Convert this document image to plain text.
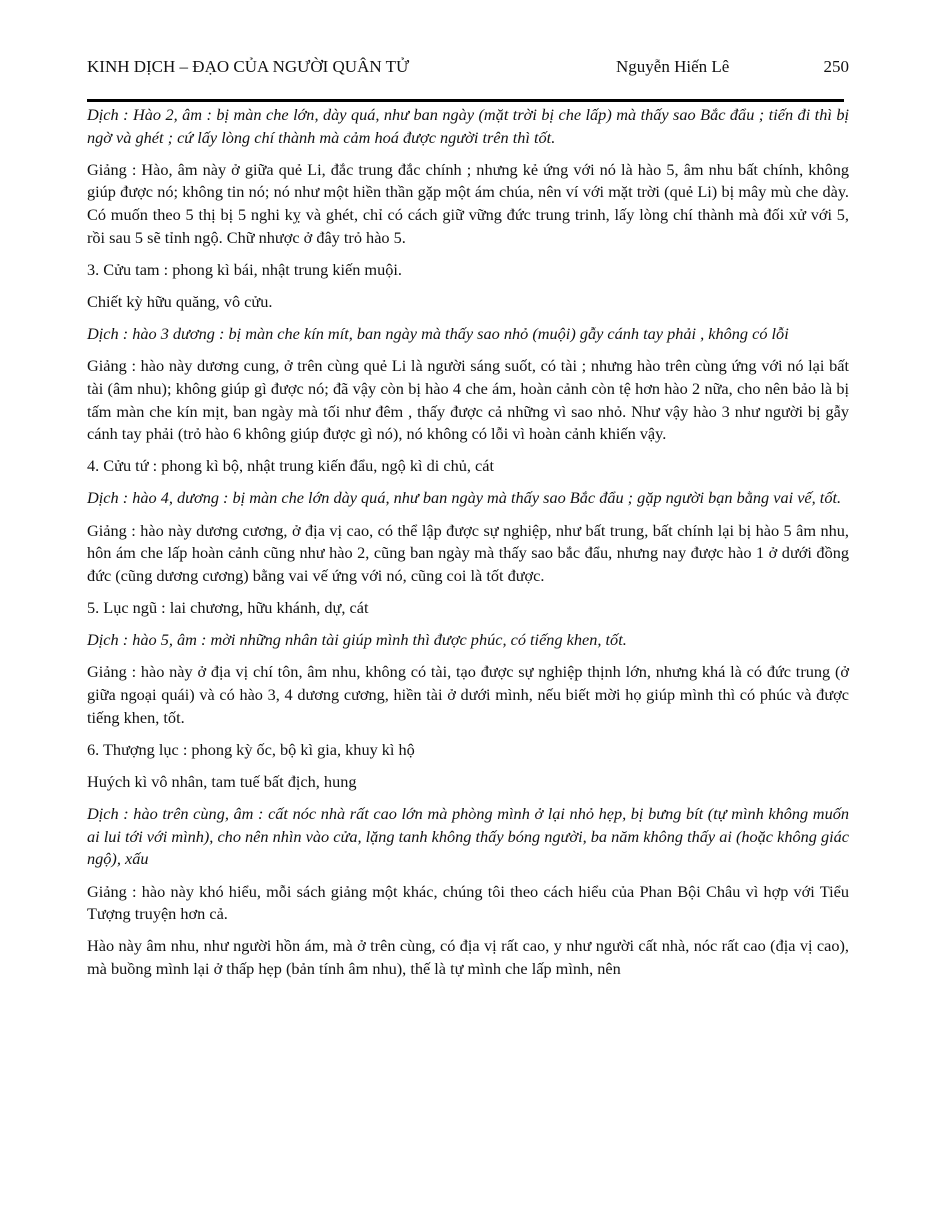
KINH DỊCH – ĐẠO CỦA NGƯỜI QUÂN TỬ	Nguyễn Hiến Lê	250

Dịch : Hào 2, âm : bị màn che lớn, dày quá, như ban ngày (mặt trời bị che lấp) mà thấy sao Bắc đẩu ; tiến đi thì bị ngờ và ghét ; cứ lấy lòng chí thành mà cảm hoá được người trên thì tốt.

Giảng : Hào, âm này ở giữa quẻ Li, đắc trung đắc chính ; nhưng kẻ ứng với nó là hào 5, âm nhu bất chính, không giúp được nó; không tin nó; nó như một hiền thần gặp một ám chúa, nên ví với mặt trời (quẻ Li) bị mây mù che dày. Có muốn theo 5 thị bị 5 nghi kỵ và ghét, chỉ có cách giữ vững đức trung trinh, lấy lòng chí thành mà đối xử với 5, rồi sau 5 sẽ tỉnh ngộ. Chữ nhược ở đây trỏ hào 5.

3. Cửu tam : phong kì bái, nhật trung kiến muội.

Chiết kỳ hữu quăng, vô cửu.

Dịch : hào 3 dương : bị màn che kín mít, ban ngày mà thấy sao nhỏ (muội) gẫy cánh tay phải , không có lỗi

Giảng : hào này dương cung, ở trên cùng quẻ Li là người sáng suốt, có tài ; nhưng hào trên cùng ứng với nó lại bất tài (âm nhu); không giúp gì được nó; đã vậy còn bị hào 4 che ám, hoàn cảnh còn tệ hơn hào 2 nữa, cho nên bảo là bị tấm màn che kín mịt, ban ngày mà tối như đêm , thấy được cả những vì sao nhỏ. Như vậy hào 3 như người bị gẫy cánh tay phải (trỏ hào 6 không giúp được gì nó), nó không có lỗi vì hoàn cảnh khiến vậy.

4. Cửu tứ : phong kì bộ, nhật trung kiến đẩu, ngộ kì di chủ, cát

Dịch : hào 4, dương : bị màn che lớn dày quá, như ban ngày mà thấy sao Bắc đẩu ; gặp người bạn bằng vai vế, tốt.

Giảng : hào này dương cương, ở địa vị cao, có thể lập được sự nghiệp, như bất trung, bất chính lại bị hào 5 âm nhu, hôn ám che lấp hoàn cảnh cũng như hào 2, cũng ban ngày mà thấy sao bắc đẩu, nhưng nay được hào 1 ở dưới đồng đức (cũng dương cương) bằng vai vế ứng với nó, cũng coi là tốt được.

5. Lục ngũ : lai chương, hữu khánh, dự, cát

Dịch : hào 5, âm : mời những nhân tài giúp mình thì được phúc, có tiếng khen, tốt.

Giảng : hào này ở địa vị chí tôn, âm nhu, không có tài, tạo được sự nghiệp thịnh lớn, nhưng khá là có đức trung (ở giữa ngoại quái) và có hào 3, 4 dương cương, hiền tài ở dưới mình, nếu biết mời họ giúp mình thì có phúc và được tiếng khen, tốt.

6. Thượng lục : phong kỳ ốc, bộ kì gia, khuy kì hộ

Huých kì vô nhân, tam tuế bất địch, hung

Dịch : hào trên cùng, âm : cất nóc nhà rất cao lớn mà phòng mình ở lại nhỏ hẹp, bị bưng bít (tự mình không muốn ai lui tới với mình), cho nên nhìn vào cửa, lặng tanh không thấy bóng người, ba năm không thấy ai (hoặc không giác ngộ), xấu

Giảng : hào này khó hiểu, mỗi sách giảng một khác, chúng tôi theo cách hiểu của Phan Bội Châu vì hợp với Tiểu Tượng truyện hơn cả.

Hào này âm nhu, như người hồn ám, mà ở trên cùng, có địa vị rất cao, y như người cất nhà, nóc rất cao (địa vị cao), mà buồng mình lại ở thấp hẹp (bản tính âm nhu), thế là tự mình che lấp mình, nên
